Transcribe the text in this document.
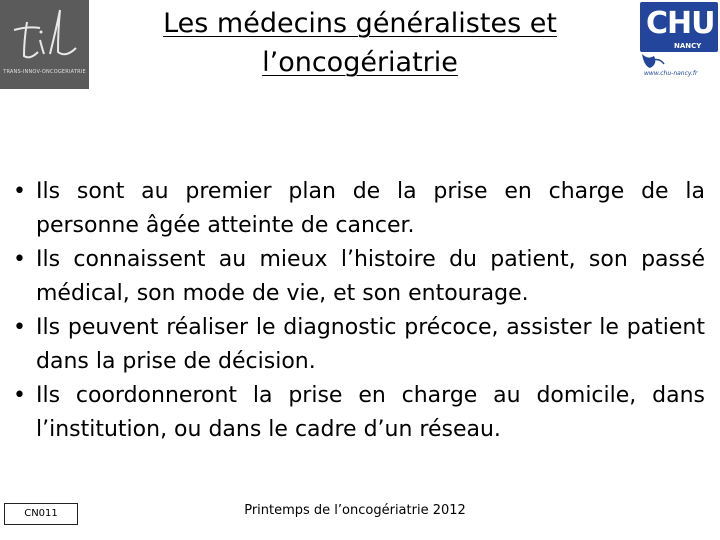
TRANS-INNOV-ONCOGERIATRIE
Les médecins généralistes et l’oncogériatrie
CHU
NANCY
www.chu-nancy.fr
• Ils sont au premier plan de la prise en charge de la personne âgée atteinte de cancer.
• Ils connaissent au mieux l’histoire du patient, son passé médical, son mode de vie, et son entourage.
• Ils peuvent réaliser le diagnostic précoce, assister le patient dans la prise de décision.
• Ils coordonneront la prise en charge au domicile, dans l’institution, ou dans le cadre d’un réseau.
CN011	Printemps de l’oncogériatrie 2012
